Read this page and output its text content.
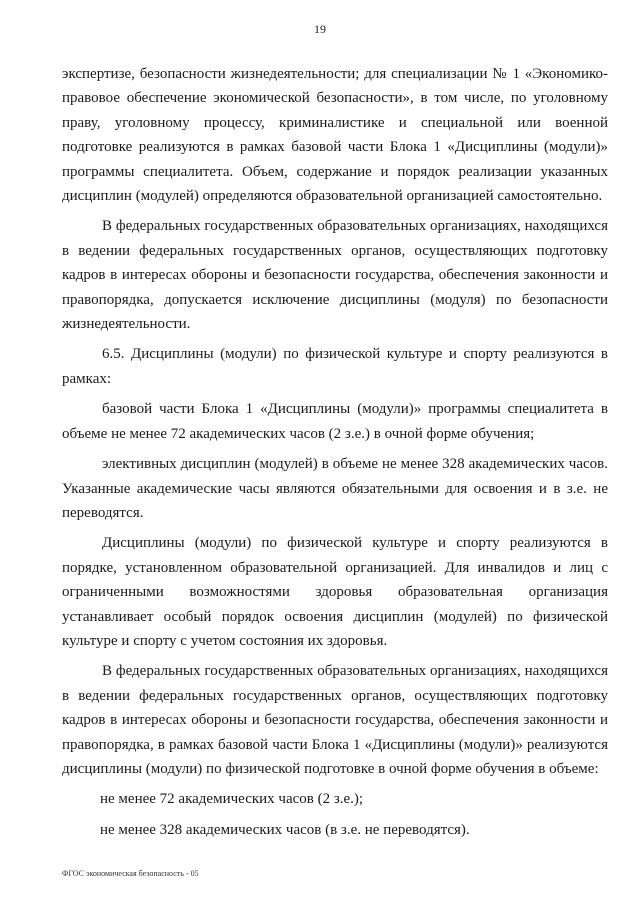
19

экспертизе, безопасности жизнедеятельности; для специализации № 1 «Экономико-правовое обеспечение экономической безопасности», в том числе, по уголовному праву, уголовному процессу, криминалистике и специальной или военной подготовке реализуются в рамках базовой части Блока 1 «Дисциплины (модули)» программы специалитета. Объем, содержание и порядок реализации указанных дисциплин (модулей) определяются образовательной организацией самостоятельно.

В федеральных государственных образовательных организациях, находящихся в ведении федеральных государственных органов, осуществляющих подготовку кадров в интересах обороны и безопасности государства, обеспечения законности и правопорядка, допускается исключение дисциплины (модуля) по безопасности жизнедеятельности.

6.5. Дисциплины (модули) по физической культуре и спорту реализуются в рамках:

базовой части Блока 1 «Дисциплины (модули)» программы специалитета в объеме не менее 72 академических часов (2 з.е.) в очной форме обучения;

элективных дисциплин (модулей) в объеме не менее 328 академических часов. Указанные академические часы являются обязательными для освоения и в з.е. не переводятся.

Дисциплины (модули) по физической культуре и спорту реализуются в порядке, установленном образовательной организацией. Для инвалидов и лиц с ограниченными возможностями здоровья образовательная организация устанавливает особый порядок освоения дисциплин (модулей) по физической культуре и спорту с учетом состояния их здоровья.

В федеральных государственных образовательных организациях, находящихся в ведении федеральных государственных органов, осуществляющих подготовку кадров в интересах обороны и безопасности государства, обеспечения законности и правопорядка, в рамках базовой части Блока 1 «Дисциплины (модули)» реализуются дисциплины (модули) по физической подготовке в очной форме обучения в объеме:

не менее 72 академических часов (2 з.е.);

не менее 328 академических часов (в з.е. не переводятся).

ФГОС экономическая безопасность - 05
